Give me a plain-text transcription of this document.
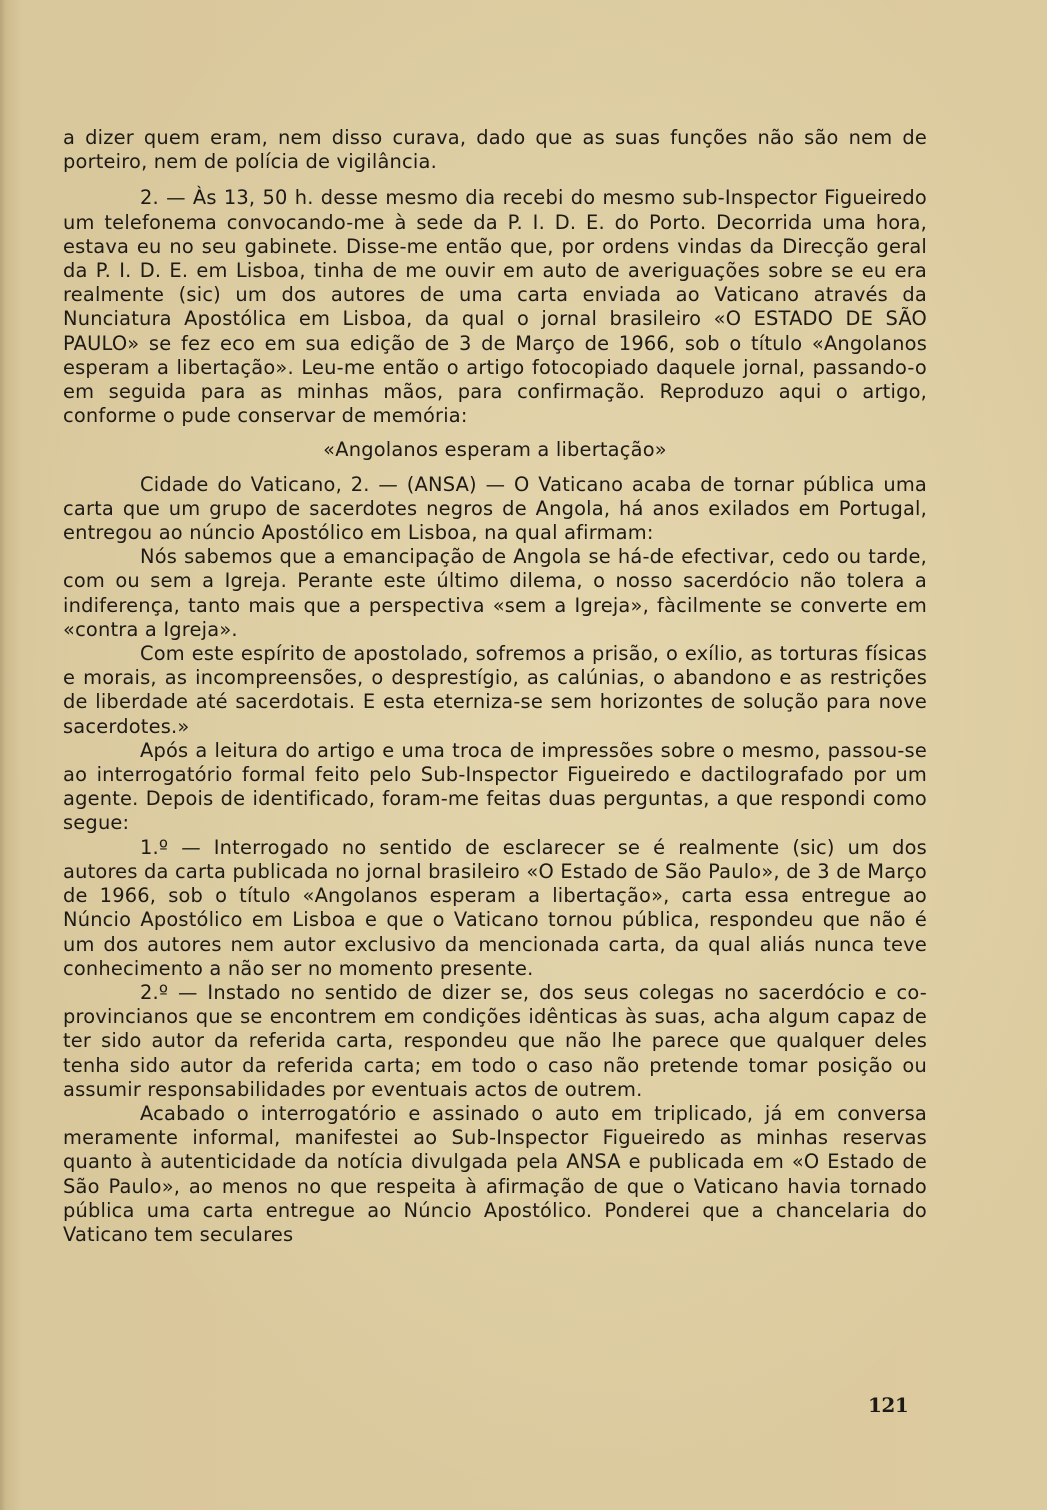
a dizer quem eram, nem disso curava, dado que as suas funções não são nem de porteiro, nem de polícia de vigilância.

2. — Às 13, 50 h. desse mesmo dia recebi do mesmo sub-Inspector Figueiredo um telefonema convocando-me à sede da P. I. D. E. do Porto. Decorrida uma hora, estava eu no seu gabinete. Disse-me então que, por ordens vindas da Direcção geral da P. I. D. E. em Lisboa, tinha de me ouvir em auto de averiguações sobre se eu era realmente (sic) um dos autores de uma carta enviada ao Vaticano através da Nunciatura Apostólica em Lisboa, da qual o jornal brasileiro «O ESTADO DE SÃO PAULO» se fez eco em sua edição de 3 de Março de 1966, sob o título «Angolanos esperam a libertação». Leu-me então o artigo fotocopiado daquele jornal, passando-o em seguida para as minhas mãos, para confirmação. Reproduzo aqui o artigo, conforme o pude conservar de memória:

«Angolanos esperam a libertação»

Cidade do Vaticano, 2. — (ANSA) — O Vaticano acaba de tornar pública uma carta que um grupo de sacerdotes negros de Angola, há anos exilados em Portugal, entregou ao núncio Apostólico em Lisboa, na qual afirmam:

Nós sabemos que a emancipação de Angola se há-de efectivar, cedo ou tarde, com ou sem a Igreja. Perante este último dilema, o nosso sacerdócio não tolera a indiferença, tanto mais que a perspectiva «sem a Igreja», fàcilmente se converte em «contra a Igreja».

Com este espírito de apostolado, sofremos a prisão, o exílio, as torturas físicas e morais, as incompreensões, o desprestígio, as calúnias, o abandono e as restrições de liberdade até sacerdotais. E esta eterniza-se sem horizontes de solução para nove sacerdotes.»

Após a leitura do artigo e uma troca de impressões sobre o mesmo, passou-se ao interrogatório formal feito pelo Sub-Inspector Figueiredo e dactilografado por um agente. Depois de identificado, foram-me feitas duas perguntas, a que respondi como segue:

1.º — Interrogado no sentido de esclarecer se é realmente (sic) um dos autores da carta publicada no jornal brasileiro «O Estado de São Paulo», de 3 de Março de 1966, sob o título «Angolanos esperam a libertação», carta essa entregue ao Núncio Apostólico em Lisboa e que o Vaticano tornou pública, respondeu que não é um dos autores nem autor exclusivo da mencionada carta, da qual aliás nunca teve conhecimento a não ser no momento presente.

2.º — Instado no sentido de dizer se, dos seus colegas no sacerdócio e co-provincianos que se encontrem em condições idênticas às suas, acha algum capaz de ter sido autor da referida carta, respondeu que não lhe parece que qualquer deles tenha sido autor da referida carta; em todo o caso não pretende tomar posição ou assumir responsabilidades por eventuais actos de outrem.

Acabado o interrogatório e assinado o auto em triplicado, já em conversa meramente informal, manifestei ao Sub-Inspector Figueiredo as minhas reservas quanto à autenticidade da notícia divulgada pela ANSA e publicada em «O Estado de São Paulo», ao menos no que respeita à afirmação de que o Vaticano havia tornado pública uma carta entregue ao Núncio Apostólico. Ponderei que a chancelaria do Vaticano tem seculares

121
